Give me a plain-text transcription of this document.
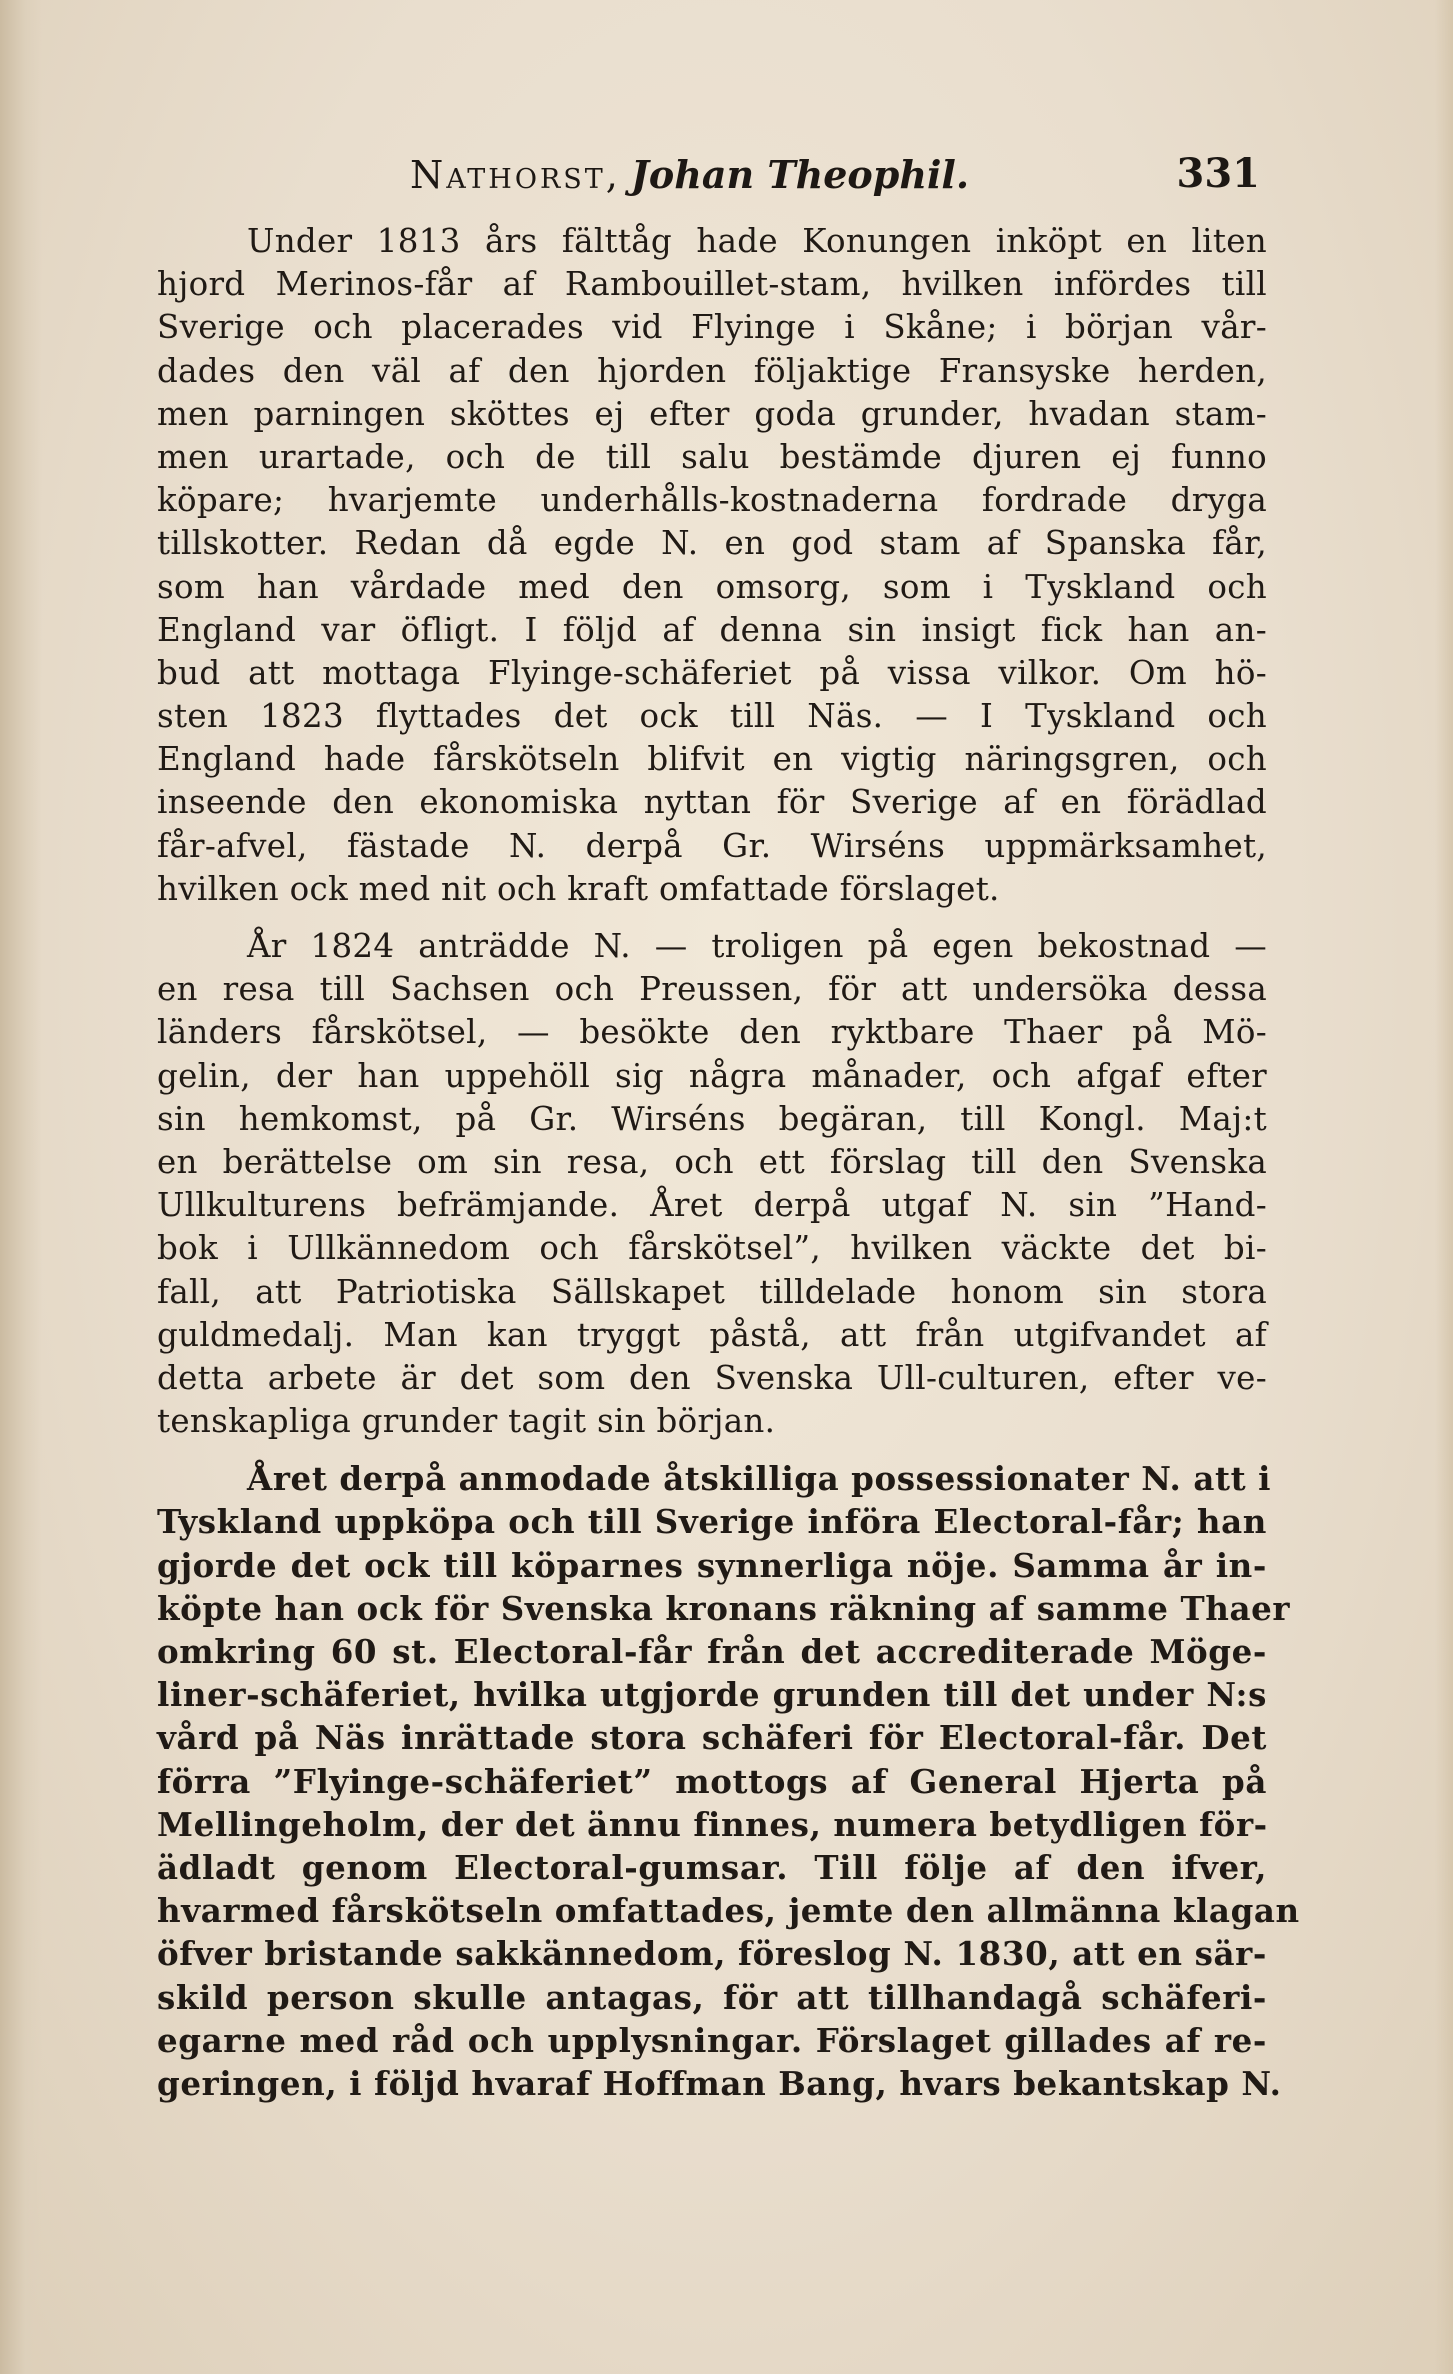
Nathorst, Johan Theophil.	331
Under 1813 års fälttåg hade Konungen inköpt en liten
hjord Merinos-får af Rambouillet-stam, hvilken infördes till
Sverige och placerades vid Flyinge i Skåne; i början vår-
dades den väl af den hjorden följaktige Fransyske herden,
men parningen sköttes ej efter goda grunder, hvadan stam-
men urartade, och de till salu bestämde djuren ej funno
köpare; hvarjemte underhålls-kostnaderna fordrade dryga
tillskotter. Redan då egde N. en god stam af Spanska får,
som han vårdade med den omsorg, som i Tyskland och
England var öfligt. I följd af denna sin insigt fick han an-
bud att mottaga Flyinge-schäferiet på vissa vilkor. Om hö-
sten 1823 flyttades det ock till Näs. — I Tyskland och
England hade fårskötseln blifvit en vigtig näringsgren, och
inseende den ekonomiska nyttan för Sverige af en förädlad
får-afvel, fästade N. derpå Gr. Wirséns uppmärksamhet,
hvilken ock med nit och kraft omfattade förslaget.
År 1824 anträdde N. — troligen på egen bekostnad —
en resa till Sachsen och Preussen, för att undersöka dessa
länders fårskötsel, — besökte den ryktbare Thaer på Mö-
gelin, der han uppehöll sig några månader, och afgaf efter
sin hemkomst, på Gr. Wirséns begäran, till Kongl. Maj:t
en berättelse om sin resa, och ett förslag till den Svenska
Ullkulturens befrämjande. Året derpå utgaf N. sin ”Hand-
bok i Ullkännedom och fårskötsel”, hvilken väckte det bi-
fall, att Patriotiska Sällskapet tilldelade honom sin stora
guldmedalj. Man kan tryggt påstå, att från utgifvandet af
detta arbete är det som den Svenska Ull-culturen, efter ve-
tenskapliga grunder tagit sin början.
Året derpå anmodade åtskilliga possessionater N. att i
Tyskland uppköpa och till Sverige införa Electoral-får; han
gjorde det ock till köparnes synnerliga nöje. Samma år in-
köpte han ock för Svenska kronans räkning af samme Thaer
omkring 60 st. Electoral-får från det accrediterade Möge-
liner-schäferiet, hvilka utgjorde grunden till det under N:s
vård på Näs inrättade stora schäferi för Electoral-får. Det
förra ”Flyinge-schäferiet” mottogs af General Hjerta på
Mellingeholm, der det ännu finnes, numera betydligen för-
ädladt genom Electoral-gumsar. Till följe af den ifver,
hvarmed fårskötseln omfattades, jemte den allmänna klagan
öfver bristande sakkännedom, föreslog N. 1830, att en sär-
skild person skulle antagas, för att tillhandagå schäferi-
egarne med råd och upplysningar. Förslaget gillades af re-
geringen, i följd hvaraf Hoffman Bang, hvars bekantskap N.
